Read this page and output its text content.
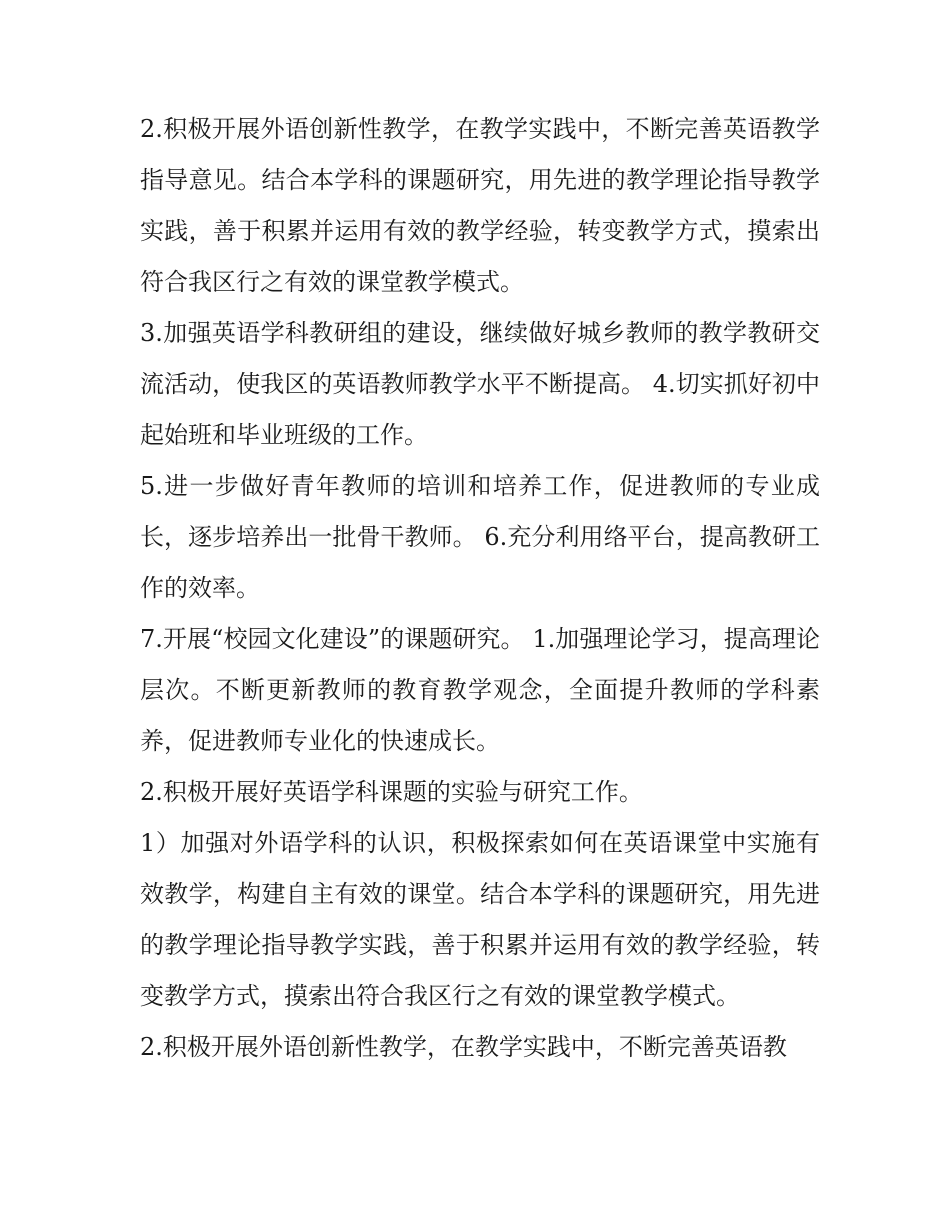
2.积极开展外语创新性教学，在教学实践中，不断完善英语教学指导意见。结合本学科的课题研究，用先进的教学理论指导教学实践，善于积累并运用有效的教学经验，转变教学方式，摸索出符合我区行之有效的课堂教学模式。

3.加强英语学科教研组的建设，继续做好城乡教师的教学教研交流活动，使我区的英语教师教学水平不断提高。 4.切实抓好初中起始班和毕业班级的工作。

5.进一步做好青年教师的培训和培养工作，促进教师的专业成长，逐步培养出一批骨干教师。 6.充分利用络平台，提高教研工作的效率。

7.开展“校园文化建设”的课题研究。 1.加强理论学习，提高理论层次。不断更新教师的教育教学观念，全面提升教师的学科素养，促进教师专业化的快速成长。

2.积极开展好英语学科课题的实验与研究工作。

1）加强对外语学科的认识，积极探索如何在英语课堂中实施有效教学，构建自主有效的课堂。结合本学科的课题研究，用先进的教学理论指导教学实践，善于积累并运用有效的教学经验，转变教学方式，摸索出符合我区行之有效的课堂教学模式。

2.积极开展外语创新性教学，在教学实践中，不断完善英语教
